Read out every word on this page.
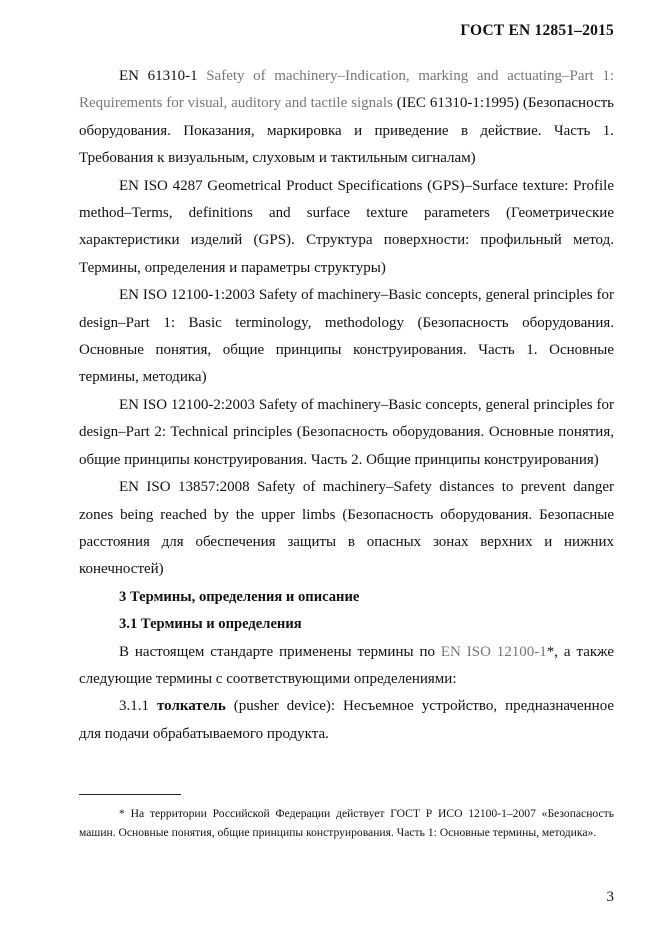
ГОСТ EN 12851–2015

EN 61310-1 Safety of machinery–Indication, marking and actuating–Part 1: Requirements for visual, auditory and tactile signals (IEC 61310-1:1995) (Безопасность оборудования. Показания, маркировка и приведение в действие. Часть 1. Требования к визуальным, слуховым и тактильным сигналам)

EN ISO 4287 Geometrical Product Specifications (GPS)–Surface texture: Profile method–Terms, definitions and surface texture parameters (Геометрические характеристики изделий (GPS). Структура поверхности: профильный метод. Термины, определения и параметры структуры)

EN ISO 12100-1:2003 Safety of machinery–Basic concepts, general principles for design–Part 1: Basic terminology, methodology (Безопасность оборудования. Основные понятия, общие принципы конструирования. Часть 1. Основные термины, методика)

EN ISO 12100-2:2003 Safety of machinery–Basic concepts, general principles for design–Part 2: Technical principles (Безопасность оборудования. Основные понятия, общие принципы конструирования. Часть 2. Общие принципы конструирования)

EN ISO 13857:2008 Safety of machinery–Safety distances to prevent danger zones being reached by the upper limbs (Безопасность оборудования. Безопасные расстояния для обеспечения защиты в опасных зонах верхних и нижних конечностей)

3 Термины, определения и описание

3.1 Термины и определения

В настоящем стандарте применены термины по EN ISO 12100-1*, а также следующие термины с соответствующими определениями:

3.1.1 толкатель (pusher device): Несъемное устройство, предназначенное для подачи обрабатываемого продукта.

* На территории Российской Федерации действует ГОСТ Р ИСО 12100-1–2007 «Безопасность машин. Основные понятия, общие принципы конструирования. Часть 1: Основные термины, методика».

3
